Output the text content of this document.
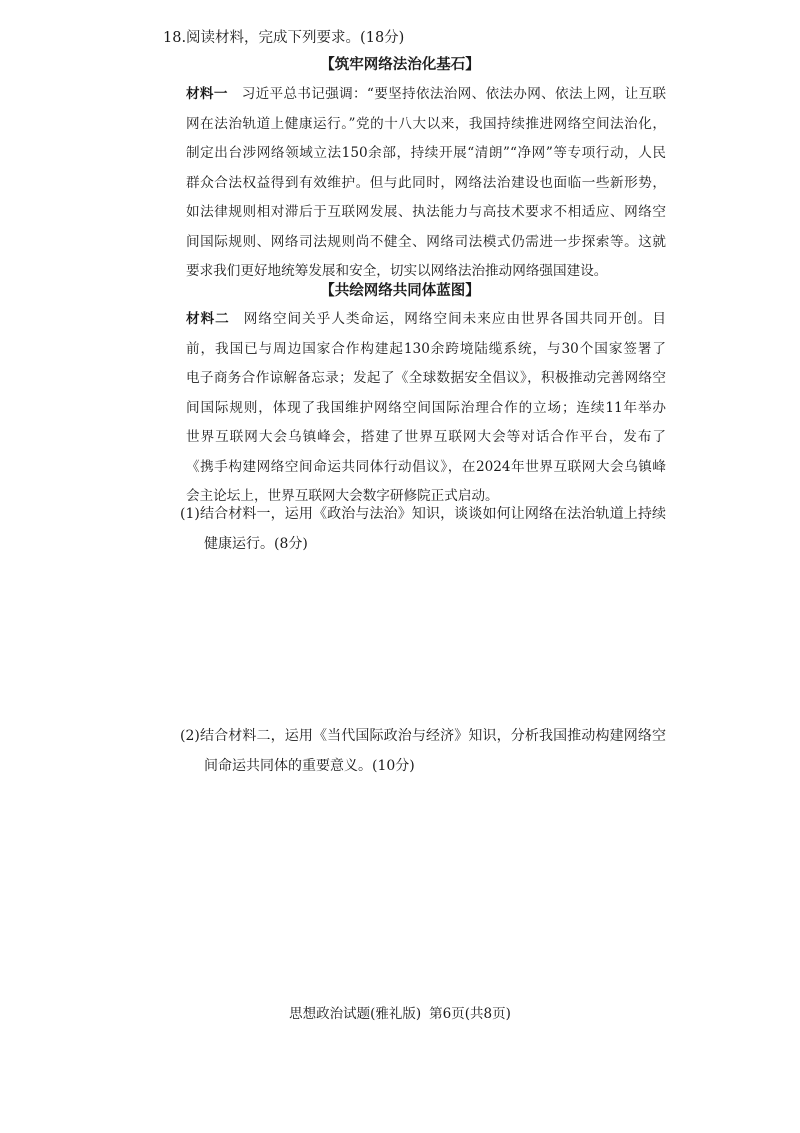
18.阅读材料，完成下列要求。(18分)
【筑牢网络法治化基石】
材料一 习近平总书记强调：“要坚持依法治网、依法办网、依法上网，让互联
网在法治轨道上健康运行。”党的十八大以来，我国持续推进网络空间法治化，
制定出台涉网络领域立法150余部，持续开展“清朗”“净网”等专项行动，人民
群众合法权益得到有效维护。但与此同时，网络法治建设也面临一些新形势，
如法律规则相对滞后于互联网发展、执法能力与高技术要求不相适应、网络空
间国际规则、网络司法规则尚不健全、网络司法模式仍需进一步探索等。这就
要求我们更好地统筹发展和安全，切实以网络法治推动网络强国建设。
【共绘网络共同体蓝图】
材料二 网络空间关乎人类命运，网络空间未来应由世界各国共同开创。目
前，我国已与周边国家合作构建起130余跨境陆缆系统，与30个国家签署了
电子商务合作谅解备忘录；发起了《全球数据安全倡议》，积极推动完善网络空
间国际规则，体现了我国维护网络空间国际治理合作的立场；连续11年举办
世界互联网大会乌镇峰会，搭建了世界互联网大会等对话合作平台，发布了
《携手构建网络空间命运共同体行动倡议》，在2024年世界互联网大会乌镇峰
会主论坛上，世界互联网大会数字研修院正式启动。
(1)结合材料一，运用《政治与法治》知识，谈谈如何让网络在法治轨道上持续
健康运行。(8分)
(2)结合材料二，运用《当代国际政治与经济》知识，分析我国推动构建网络空
间命运共同体的重要意义。(10分)
思想政治试题(雅礼版) 第6页(共8页)
